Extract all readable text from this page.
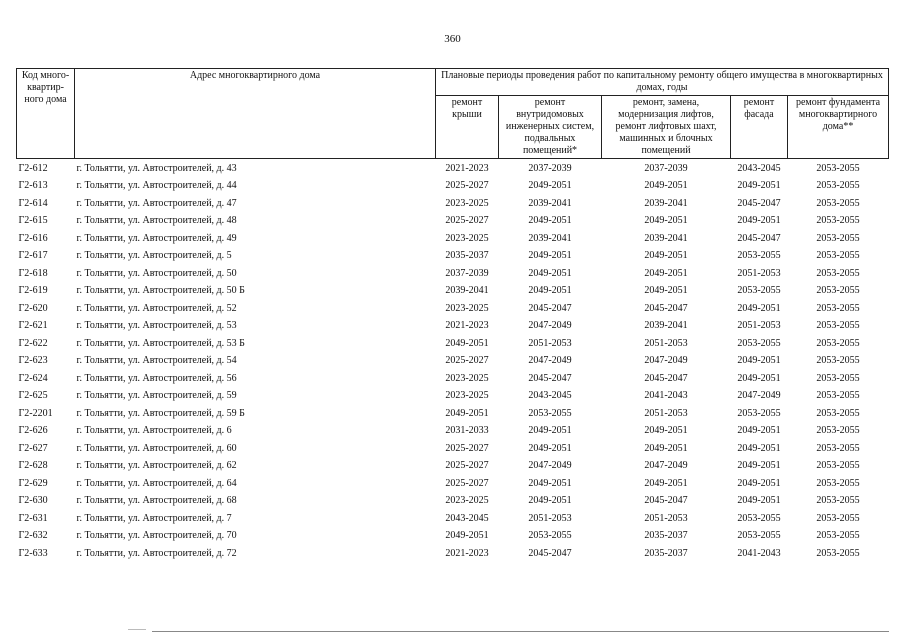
360
Код много-квартир-ного дома	Адрес многоквартирного дома	Плановые периоды проведения работ по капитальному ремонту общего имущества в многоквартирных домах, годы				
		ремонт крыши	ремонт внутридомовых инженерных систем, подвальных помещений*	ремонт, замена, модернизация лифтов, ремонт лифтовых шахт, машинных и блочных помещений	ремонт фасада	ремонт фундамента многоквартирного дома**
Г2-612	г. Тольятти, ул. Автостроителей, д. 43	2021-2023	2037-2039	2037-2039	2043-2045	2053-2055
Г2-613	г. Тольятти, ул. Автостроителей, д. 44	2025-2027	2049-2051	2049-2051	2049-2051	2053-2055
Г2-614	г. Тольятти, ул. Автостроителей, д. 47	2023-2025	2039-2041	2039-2041	2045-2047	2053-2055
Г2-615	г. Тольятти, ул. Автостроителей, д. 48	2025-2027	2049-2051	2049-2051	2049-2051	2053-2055
Г2-616	г. Тольятти, ул. Автостроителей, д. 49	2023-2025	2039-2041	2039-2041	2045-2047	2053-2055
Г2-617	г. Тольятти, ул. Автостроителей, д. 5	2035-2037	2049-2051	2049-2051	2053-2055	2053-2055
Г2-618	г. Тольятти, ул. Автостроителей, д. 50	2037-2039	2049-2051	2049-2051	2051-2053	2053-2055
Г2-619	г. Тольятти, ул. Автостроителей, д. 50 Б	2039-2041	2049-2051	2049-2051	2053-2055	2053-2055
Г2-620	г. Тольятти, ул. Автостроителей, д. 52	2023-2025	2045-2047	2045-2047	2049-2051	2053-2055
Г2-621	г. Тольятти, ул. Автостроителей, д. 53	2021-2023	2047-2049	2039-2041	2051-2053	2053-2055
Г2-622	г. Тольятти, ул. Автостроителей, д. 53 Б	2049-2051	2051-2053	2051-2053	2053-2055	2053-2055
Г2-623	г. Тольятти, ул. Автостроителей, д. 54	2025-2027	2047-2049	2047-2049	2049-2051	2053-2055
Г2-624	г. Тольятти, ул. Автостроителей, д. 56	2023-2025	2045-2047	2045-2047	2049-2051	2053-2055
Г2-625	г. Тольятти, ул. Автостроителей, д. 59	2023-2025	2043-2045	2041-2043	2047-2049	2053-2055
Г2-2201	г. Тольятти, ул. Автостроителей, д. 59 Б	2049-2051	2053-2055	2051-2053	2053-2055	2053-2055
Г2-626	г. Тольятти, ул. Автостроителей, д. 6	2031-2033	2049-2051	2049-2051	2049-2051	2053-2055
Г2-627	г. Тольятти, ул. Автостроителей, д. 60	2025-2027	2049-2051	2049-2051	2049-2051	2053-2055
Г2-628	г. Тольятти, ул. Автостроителей, д. 62	2025-2027	2047-2049	2047-2049	2049-2051	2053-2055
Г2-629	г. Тольятти, ул. Автостроителей, д. 64	2025-2027	2049-2051	2049-2051	2049-2051	2053-2055
Г2-630	г. Тольятти, ул. Автостроителей, д. 68	2023-2025	2049-2051	2045-2047	2049-2051	2053-2055
Г2-631	г. Тольятти, ул. Автостроителей, д. 7	2043-2045	2051-2053	2051-2053	2053-2055	2053-2055
Г2-632	г. Тольятти, ул. Автостроителей, д. 70	2049-2051	2053-2055	2035-2037	2053-2055	2053-2055
Г2-633	г. Тольятти, ул. Автостроителей, д. 72	2021-2023	2045-2047	2035-2037	2041-2043	2053-2055
